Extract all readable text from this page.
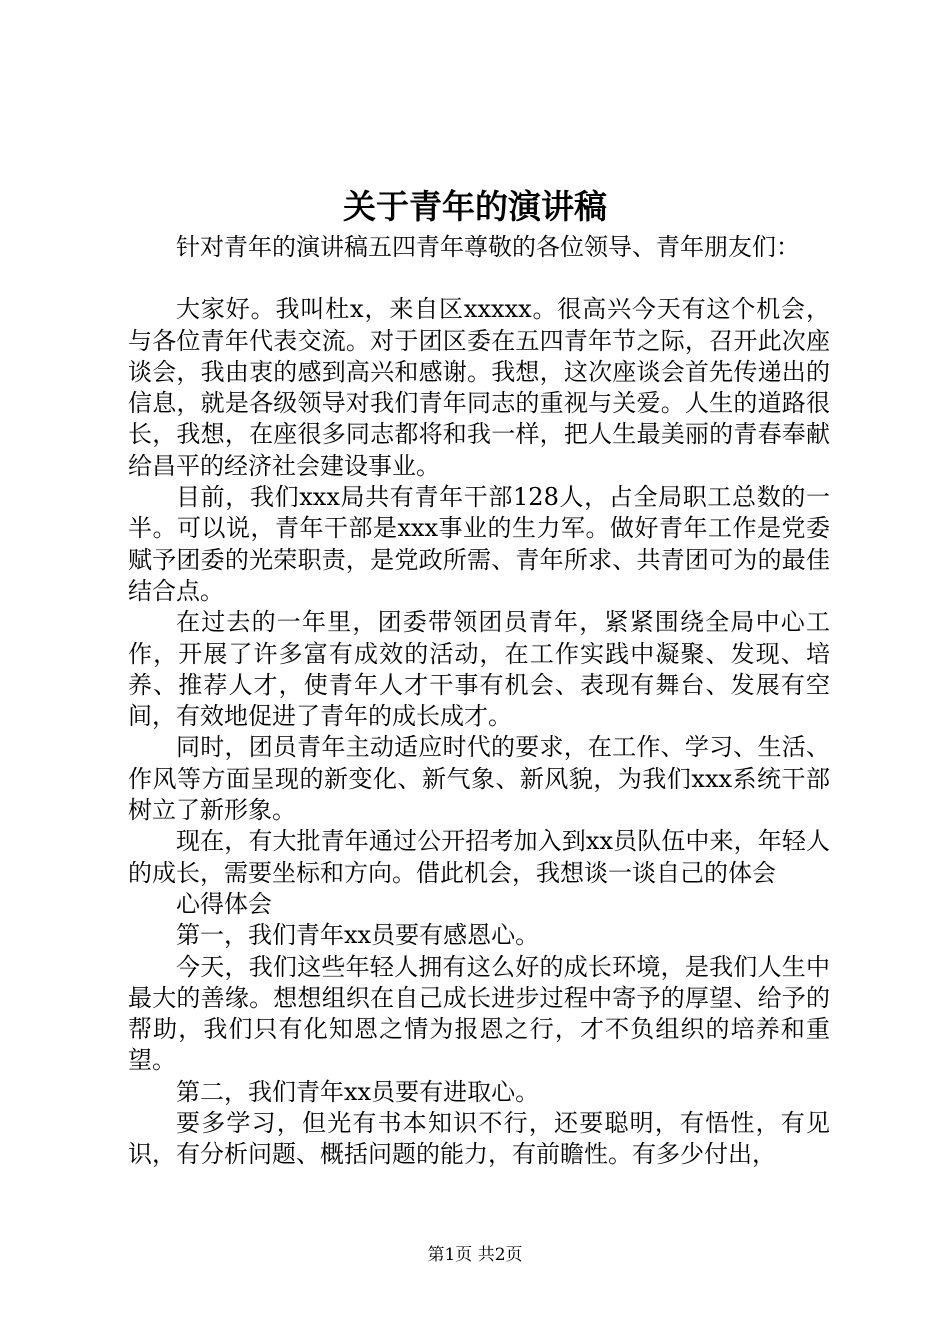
关于青年的演讲稿

针对青年的演讲稿五四青年尊敬的各位领导、青年朋友们：

大家好。我叫杜x，来自区xxxxx。很高兴今天有这个机会，与各位青年代表交流。对于团区委在五四青年节之际，召开此次座谈会，我由衷的感到高兴和感谢。我想，这次座谈会首先传递出的信息，就是各级领导对我们青年同志的重视与关爱。人生的道路很长，我想，在座很多同志都将和我一样，把人生最美丽的青春奉献给昌平的经济社会建设事业。

目前，我们xxx局共有青年干部128人，占全局职工总数的一半。可以说，青年干部是xxx事业的生力军。做好青年工作是党委赋予团委的光荣职责，是党政所需、青年所求、共青团可为的最佳结合点。

在过去的一年里，团委带领团员青年，紧紧围绕全局中心工作，开展了许多富有成效的活动，在工作实践中凝聚、发现、培养、推荐人才，使青年人才干事有机会、表现有舞台、发展有空间，有效地促进了青年的成长成才。

同时，团员青年主动适应时代的要求，在工作、学习、生活、作风等方面呈现的新变化、新气象、新风貌，为我们xxx系统干部树立了新形象。

现在，有大批青年通过公开招考加入到xx员队伍中来，年轻人的成长，需要坐标和方向。借此机会，我想谈一谈自己的体会

心得体会

第一，我们青年xx员要有感恩心。

今天，我们这些年轻人拥有这么好的成长环境，是我们人生中最大的善缘。想想组织在自己成长进步过程中寄予的厚望、给予的帮助，我们只有化知恩之情为报恩之行，才不负组织的培养和重望。

第二，我们青年xx员要有进取心。

要多学习，但光有书本知识不行，还要聪明，有悟性，有见识，有分析问题、概括问题的能力，有前瞻性。有多少付出，

第1页 共2页
